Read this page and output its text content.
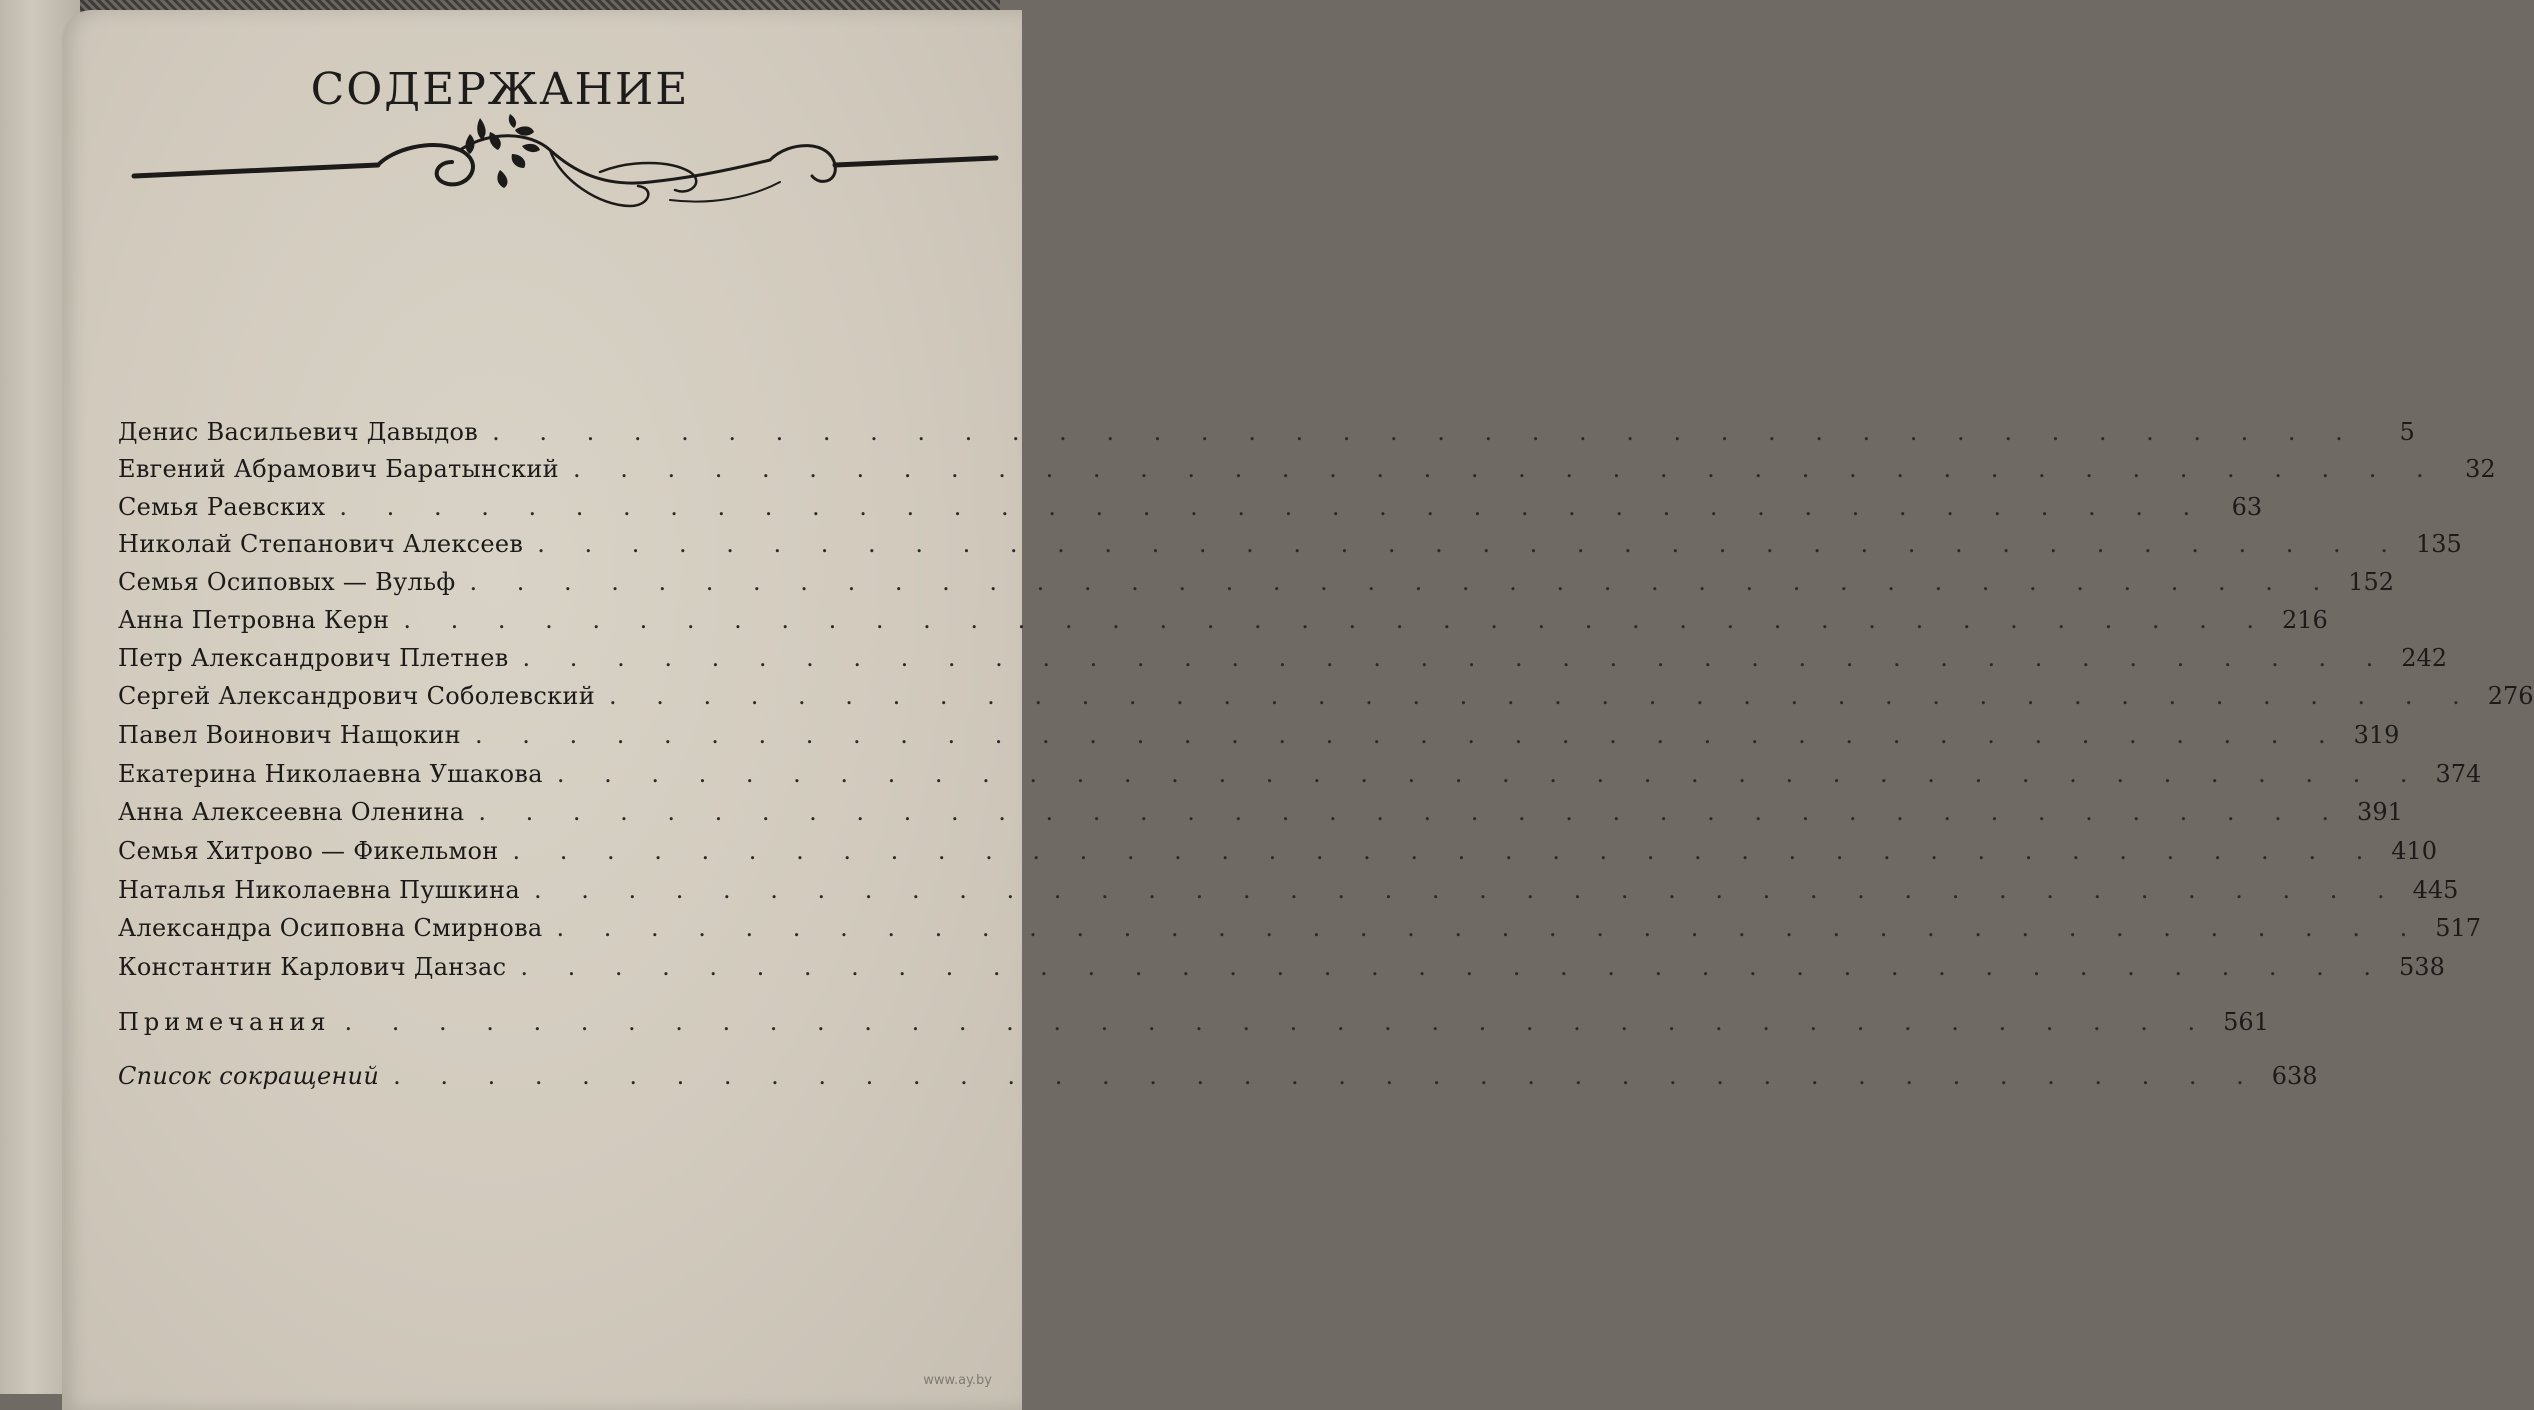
СОДЕРЖАНИЕ
Денис Васильевич Давыдов . . . . . . . . . . . . . . . . . . . . . . . . . . . . . . . . . . . . . . . .	5
Евгений Абрамович Баратынский . . . . . . . . . . . . . . . . . . . . . . . . . . . . . . . . . . . . . . . .	32
Семья Раевских . . . . . . . . . . . . . . . . . . . . . . . . . . . . . . . . . . . . . . . .	63
Николай Степанович Алексеев . . . . . . . . . . . . . . . . . . . . . . . . . . . . . . . . . . . . . . . . 135
Семья Осиповых — Вульф . . . . . . . . . . . . . . . . . . . . . . . . . . . . . . . . . . . . . . . . 152
Анна Петровна Керн . . . . . . . . . . . . . . . . . . . . . . . . . . . . . . . . . . . . . . . . 216
Петр Александрович Плетнев . . . . . . . . . . . . . . . . . . . . . . . . . . . . . . . . . . . . . . . . 242
Сергей Александрович Соболевский . . . . . . . . . . . . . . . . . . . . . . . . . . . . . . . . . . . . . . . . 276
Павел Воинович Нащокин . . . . . . . . . . . . . . . . . . . . . . . . . . . . . . . . . . . . . . . . 319
Екатерина Николаевна Ушакова . . . . . . . . . . . . . . . . . . . . . . . . . . . . . . . . . . . . . . . . 374
Анна Алексеевна Оленина . . . . . . . . . . . . . . . . . . . . . . . . . . . . . . . . . . . . . . . . 391
Семья Хитрово — Фикельмон . . . . . . . . . . . . . . . . . . . . . . . . . . . . . . . . . . . . . . . . 410
Наталья Николаевна Пушкина . . . . . . . . . . . . . . . . . . . . . . . . . . . . . . . . . . . . . . . . 445
Александра Осиповна Смирнова . . . . . . . . . . . . . . . . . . . . . . . . . . . . . . . . . . . . . . . . 517
Константин Карлович Данзас . . . . . . . . . . . . . . . . . . . . . . . . . . . . . . . . . . . . . . . . 538
Примечания . . . . . . . . . . . . . . . . . . . . . . . . . . . . . . . . . . . . . . . . 561
Список сокращений . . . . . . . . . . . . . . . . . . . . . . . . . . . . . . . . . . . . . . . . 638
www.ay.by
